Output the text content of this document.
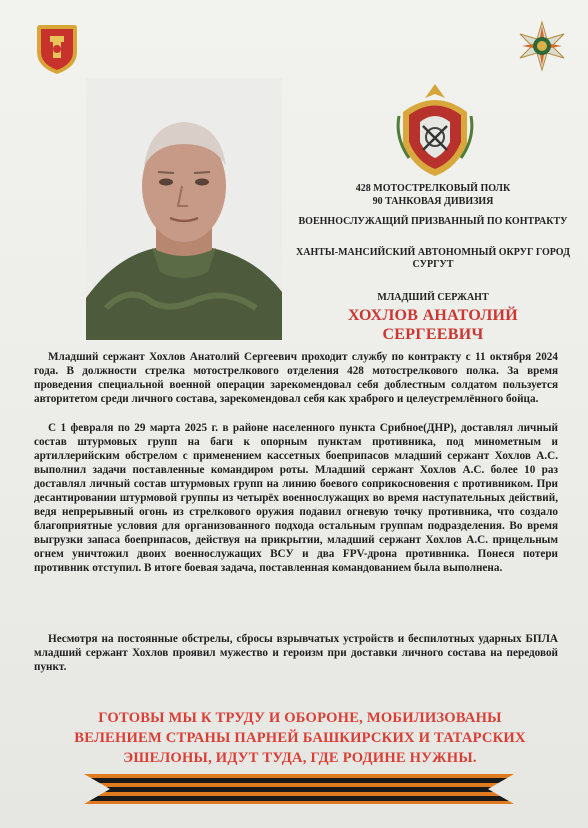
428 МОТОСТРЕЛКОВЫЙ ПОЛК

90 ТАНКОВАЯ ДИВИЗИЯ

ВОЕННОСЛУЖАЩИЙ ПРИЗВАННЫЙ ПО КОНТРАКТУ

ХАНТЫ-МАНСИЙСКИЙ АВТОНОМНЫЙ ОКРУГ ГОРОД СУРГУТ

МЛАДШИЙ СЕРЖАНТ

ХОХЛОВ АНАТОЛИЙ

СЕРГЕЕВИЧ

Младший сержант Хохлов Анатолий Сергеевич проходит службу по контракту с 11 октября 2024 года. В должности стрелка мотострелкового отделения 428 мотострелкового полка. За время проведения специальной военной операции зарекомендовал себя доблестным солдатом пользуется авторитетом среди личного состава, зарекомендовал себя как храброго и целеустремлённого бойца.

С 1 февраля по 29 марта 2025 г. в районе населенного пункта Срибное(ДНР), доставлял личный состав штурмовых групп на баги к опорным пунктам противника, под минометным и артиллерийским обстрелом с применением кассетных боеприпасов младший сержант Хохлов А.С. выполнил задачи поставленные командиром роты. Младший сержант Хохлов А.С. более 10 раз доставлял личный состав штурмовых групп на линию боевого соприкосновения с противником. При десантировании штурмовой группы из четырёх военнослужащих во время наступательных действий, ведя непрерывный огонь из стрелкового оружия подавил огневую точку противника, что создало благоприятные условия для организованного подхода остальным группам подразделения. Во время выгрузки запаса боеприпасов, действуя на прикрытии, младший сержант Хохлов А.С. прицельным огнем уничтожил двоих военнослужащих ВСУ и два FPV-дрона противника. Понеся потери противник отступил. В итоге боевая задача, поставленная командованием была выполнена.

Несмотря на постоянные обстрелы, сбросы взрывчатых устройств и беспилотных ударных БПЛА младший сержант Хохлов проявил мужество и героизм при доставки личного состава на передовой пункт.

ГОТОВЫ МЫ К ТРУДУ И ОБОРОНЕ, МОБИЛИЗОВАНЫ

ВЕЛЕНИЕМ СТРАНЫ ПАРНЕЙ БАШКИРСКИХ И ТАТАРСКИХ

ЭШЕЛОНЫ, ИДУТ ТУДА, ГДЕ РОДИНЕ НУЖНЫ.
